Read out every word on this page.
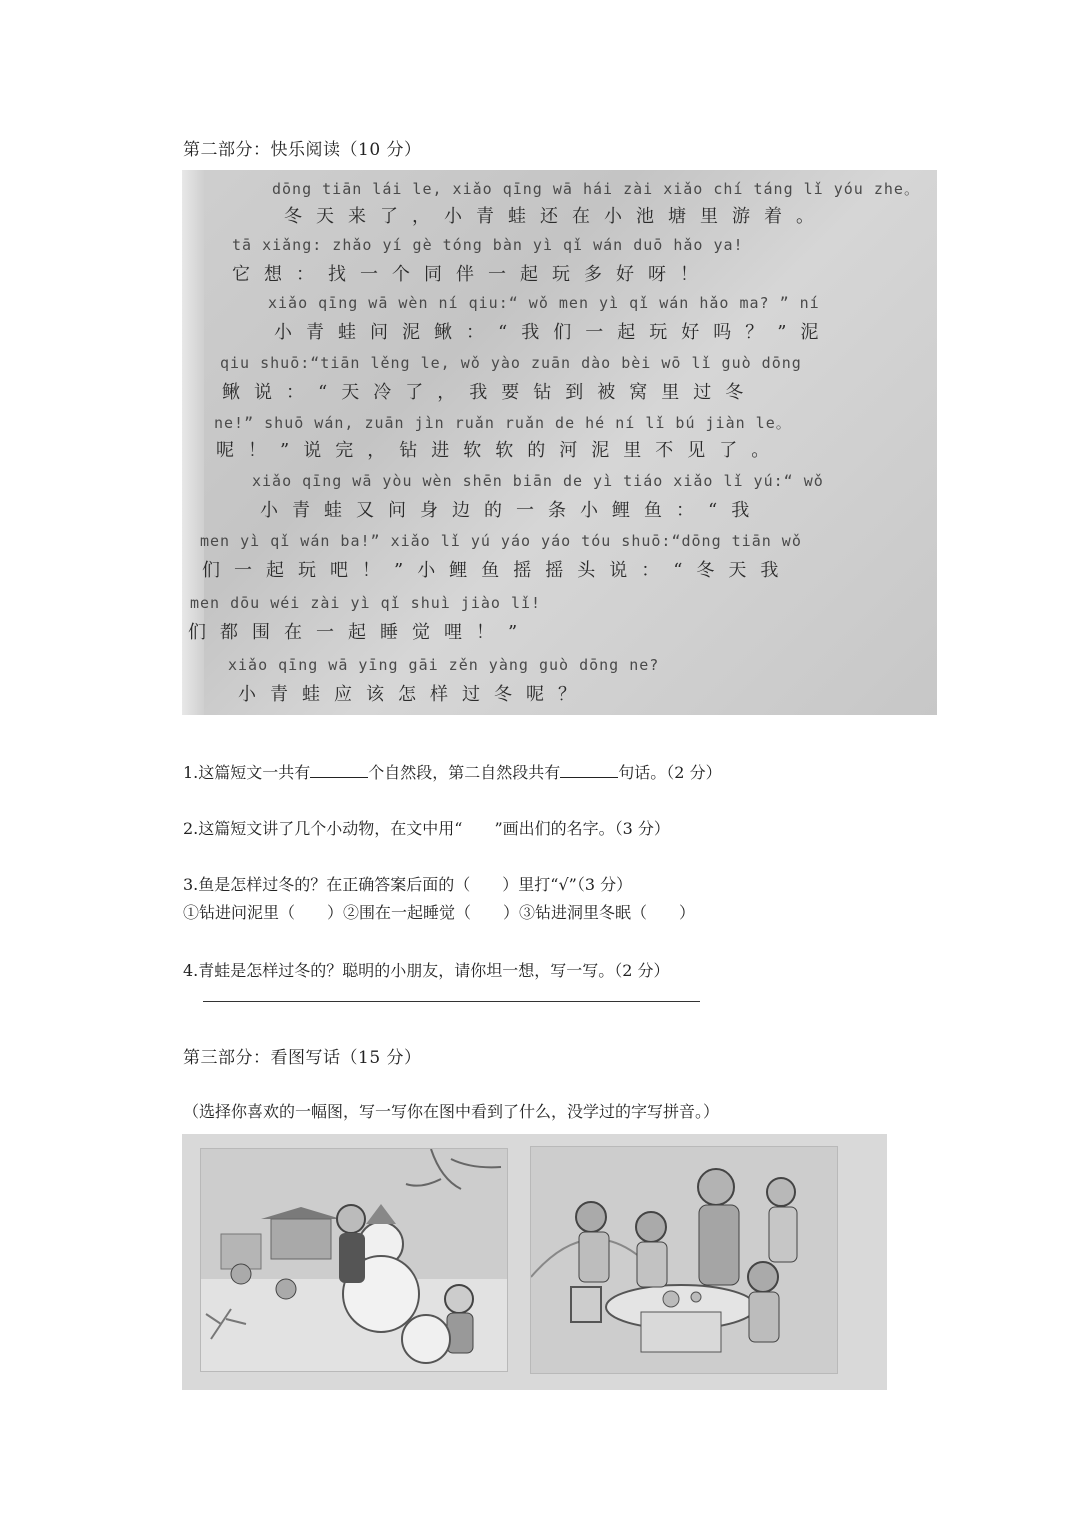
第二部分：快乐阅读（10 分）
dōng tiān lái le, xiǎo qīng wā hái zài xiǎo chí táng lǐ yóu zhe。
冬天来了，小青蛙还在小池塘里游着。
tā xiǎng: zhǎo yí gè tóng bàn yì qǐ wán duō hǎo ya!
它想：找一个同伴一起玩多好呀！
xiǎo qīng wā wèn ní qiu:“ wǒ men yì qǐ wán hǎo ma? ” ní
小青蛙问泥鳅：“我们一起玩好吗？”泥
qiu shuō:“tiān lěng le, wǒ yào zuān dào bèi wō lǐ guò dōng
鳅说：“天冷了，我要钻到被窝里过冬
ne!” shuō wán, zuān jìn ruǎn ruǎn de hé ní lǐ bú jiàn le。
呢！”说完，钻进软软的河泥里不见了。
xiǎo qīng wā yòu wèn shēn biān de yì tiáo xiǎo lǐ yú:“ wǒ
小青蛙又问身边的一条小鲤鱼：“我
men yì qǐ wán ba!” xiǎo lǐ yú yáo yáo tóu shuō:“dōng tiān wǒ
们一起玩吧！”小鲤鱼摇摇头说：“冬天我
men dōu wéi zài yì qǐ shuì jiào lǐ!
们都围在一起睡觉哩！”
xiǎo qīng wā yīng gāi zěn yàng guò dōng ne?
小青蛙应该怎样过冬呢？
1.这篇短文一共有	个自然段，第二自然段共有	句话。（2 分）
2.这篇短文讲了几个小动物，在文中用“　　”画出们的名字。（3 分）
3.鱼是怎样过冬的？在正确答案后面的（　　）里打“√”（3 分）
①钻进问泥里（　　）②围在一起睡觉（　　）③钻进洞里冬眠（　　）
4.青蛙是怎样过冬的？聪明的小朋友，请你坦一想，写一写。（2 分）
第三部分：看图写话（15 分）
（选择你喜欢的一幅图，写一写你在图中看到了什么，没学过的字写拼音。）
